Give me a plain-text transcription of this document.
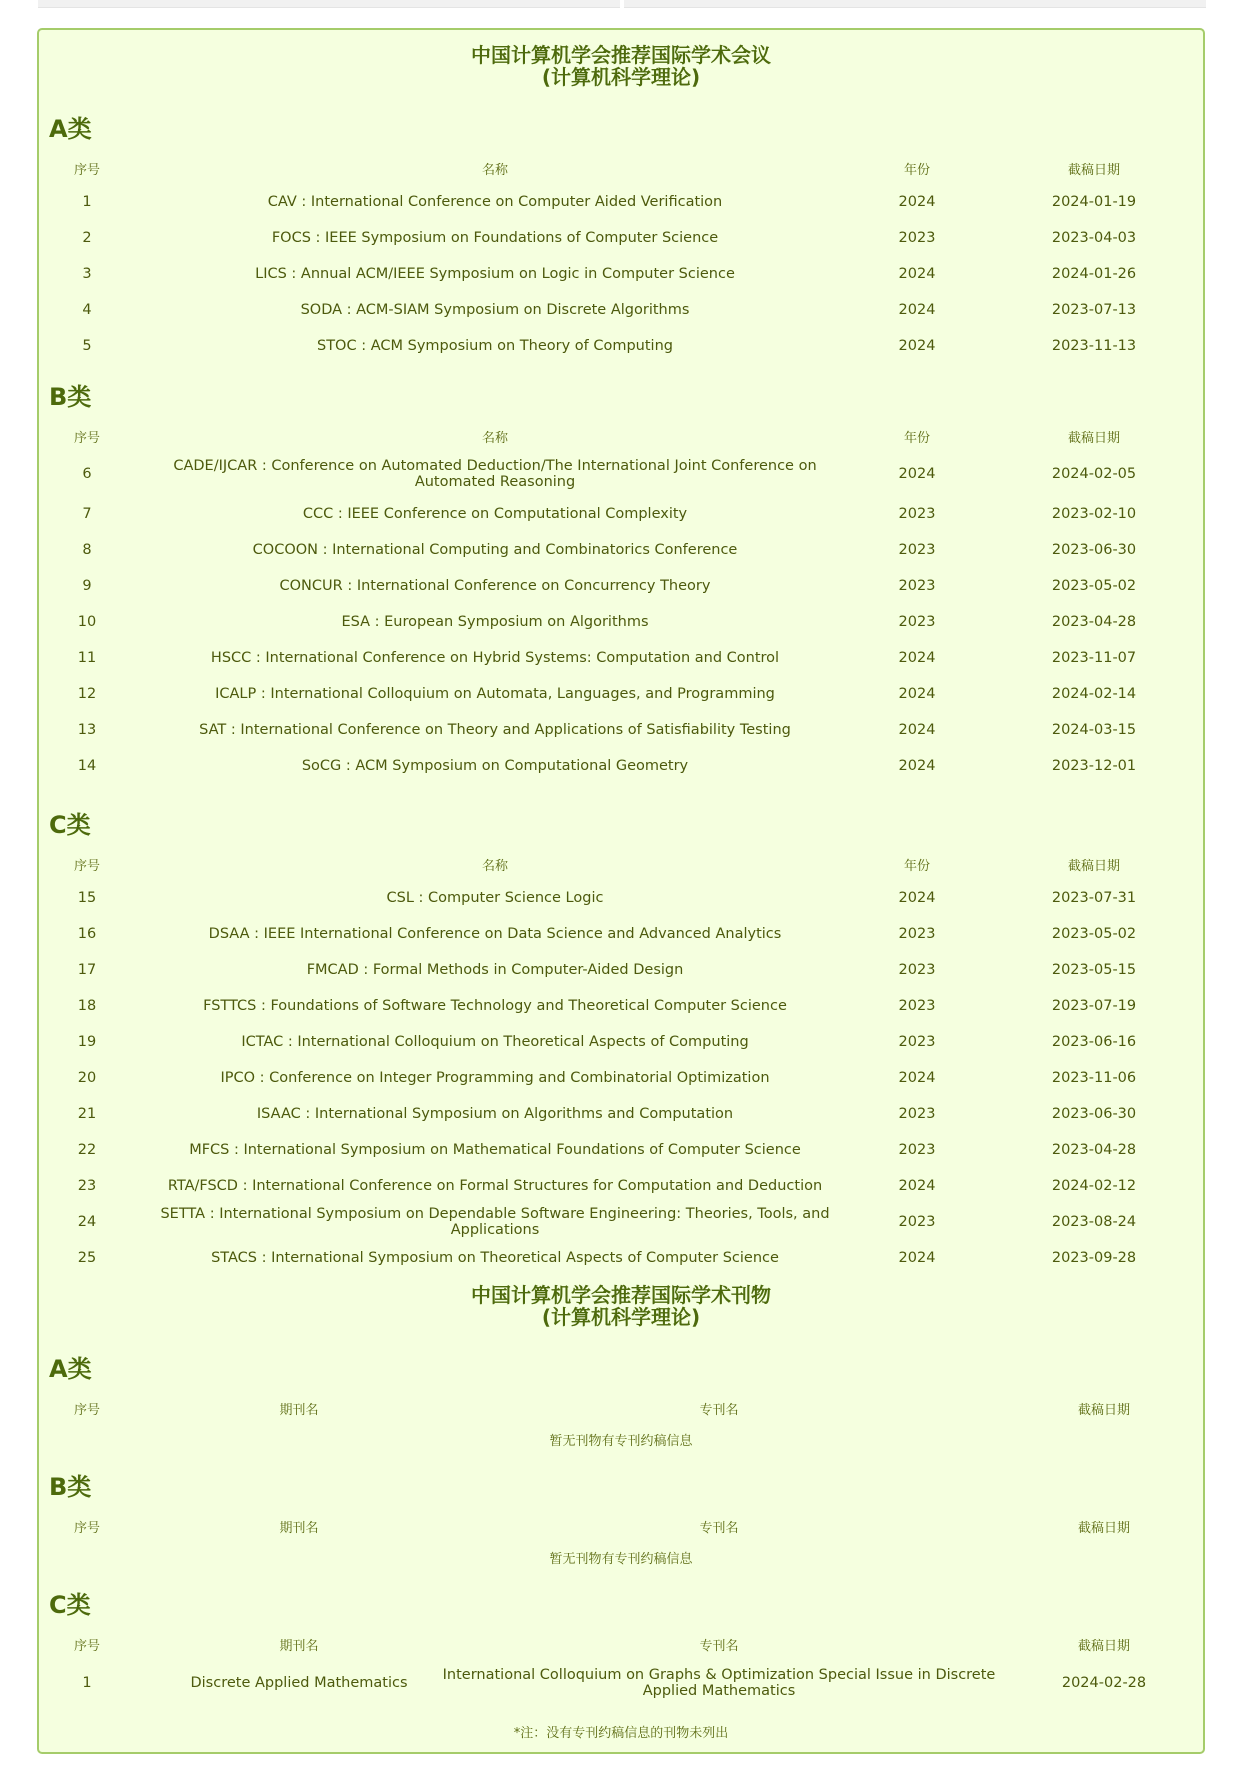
中国计算机学会推荐国际学术会议
(计算机科学理论)
A类
序号	名称	年份	截稿日期
1	CAV : International Conference on Computer Aided Verification	2024	2024-01-19
2	FOCS : IEEE Symposium on Foundations of Computer Science	2023	2023-04-03
3	LICS : Annual ACM/IEEE Symposium on Logic in Computer Science	2024	2024-01-26
4	SODA : ACM-SIAM Symposium on Discrete Algorithms	2024	2023-07-13
5	STOC : ACM Symposium on Theory of Computing	2024	2023-11-13
B类
序号	名称	年份	截稿日期
6	CADE/IJCAR : Conference on Automated Deduction/The International Joint Conference on Automated Reasoning	2024	2024-02-05
7	CCC : IEEE Conference on Computational Complexity	2023	2023-02-10
8	COCOON : International Computing and Combinatorics Conference	2023	2023-06-30
9	CONCUR : International Conference on Concurrency Theory	2023	2023-05-02
10	ESA : European Symposium on Algorithms	2023	2023-04-28
11	HSCC : International Conference on Hybrid Systems: Computation and Control	2024	2023-11-07
12	ICALP : International Colloquium on Automata, Languages, and Programming	2024	2024-02-14
13	SAT : International Conference on Theory and Applications of Satisfiability Testing	2024	2024-03-15
14	SoCG : ACM Symposium on Computational Geometry	2024	2023-12-01
C类
序号	名称	年份	截稿日期
15	CSL : Computer Science Logic	2024	2023-07-31
16	DSAA : IEEE International Conference on Data Science and Advanced Analytics	2023	2023-05-02
17	FMCAD : Formal Methods in Computer-Aided Design	2023	2023-05-15
18	FSTTCS : Foundations of Software Technology and Theoretical Computer Science	2023	2023-07-19
19	ICTAC : International Colloquium on Theoretical Aspects of Computing	2023	2023-06-16
20	IPCO : Conference on Integer Programming and Combinatorial Optimization	2024	2023-11-06
21	ISAAC : International Symposium on Algorithms and Computation	2023	2023-06-30
22	MFCS : International Symposium on Mathematical Foundations of Computer Science	2023	2023-04-28
23	RTA/FSCD : International Conference on Formal Structures for Computation and Deduction	2024	2024-02-12
24	SETTA : International Symposium on Dependable Software Engineering: Theories, Tools, and Applications	2023	2023-08-24
25	STACS : International Symposium on Theoretical Aspects of Computer Science	2024	2023-09-28
中国计算机学会推荐国际学术刊物
(计算机科学理论)
A类
序号	期刊名	专刊名	截稿日期
暂无刊物有专刊约稿信息
B类
序号	期刊名	专刊名	截稿日期
暂无刊物有专刊约稿信息
C类
序号	期刊名	专刊名	截稿日期
1	Discrete Applied Mathematics	International Colloquium on Graphs & Optimization Special Issue in Discrete Applied Mathematics	2024-02-28
*注：没有专刊约稿信息的刊物未列出
